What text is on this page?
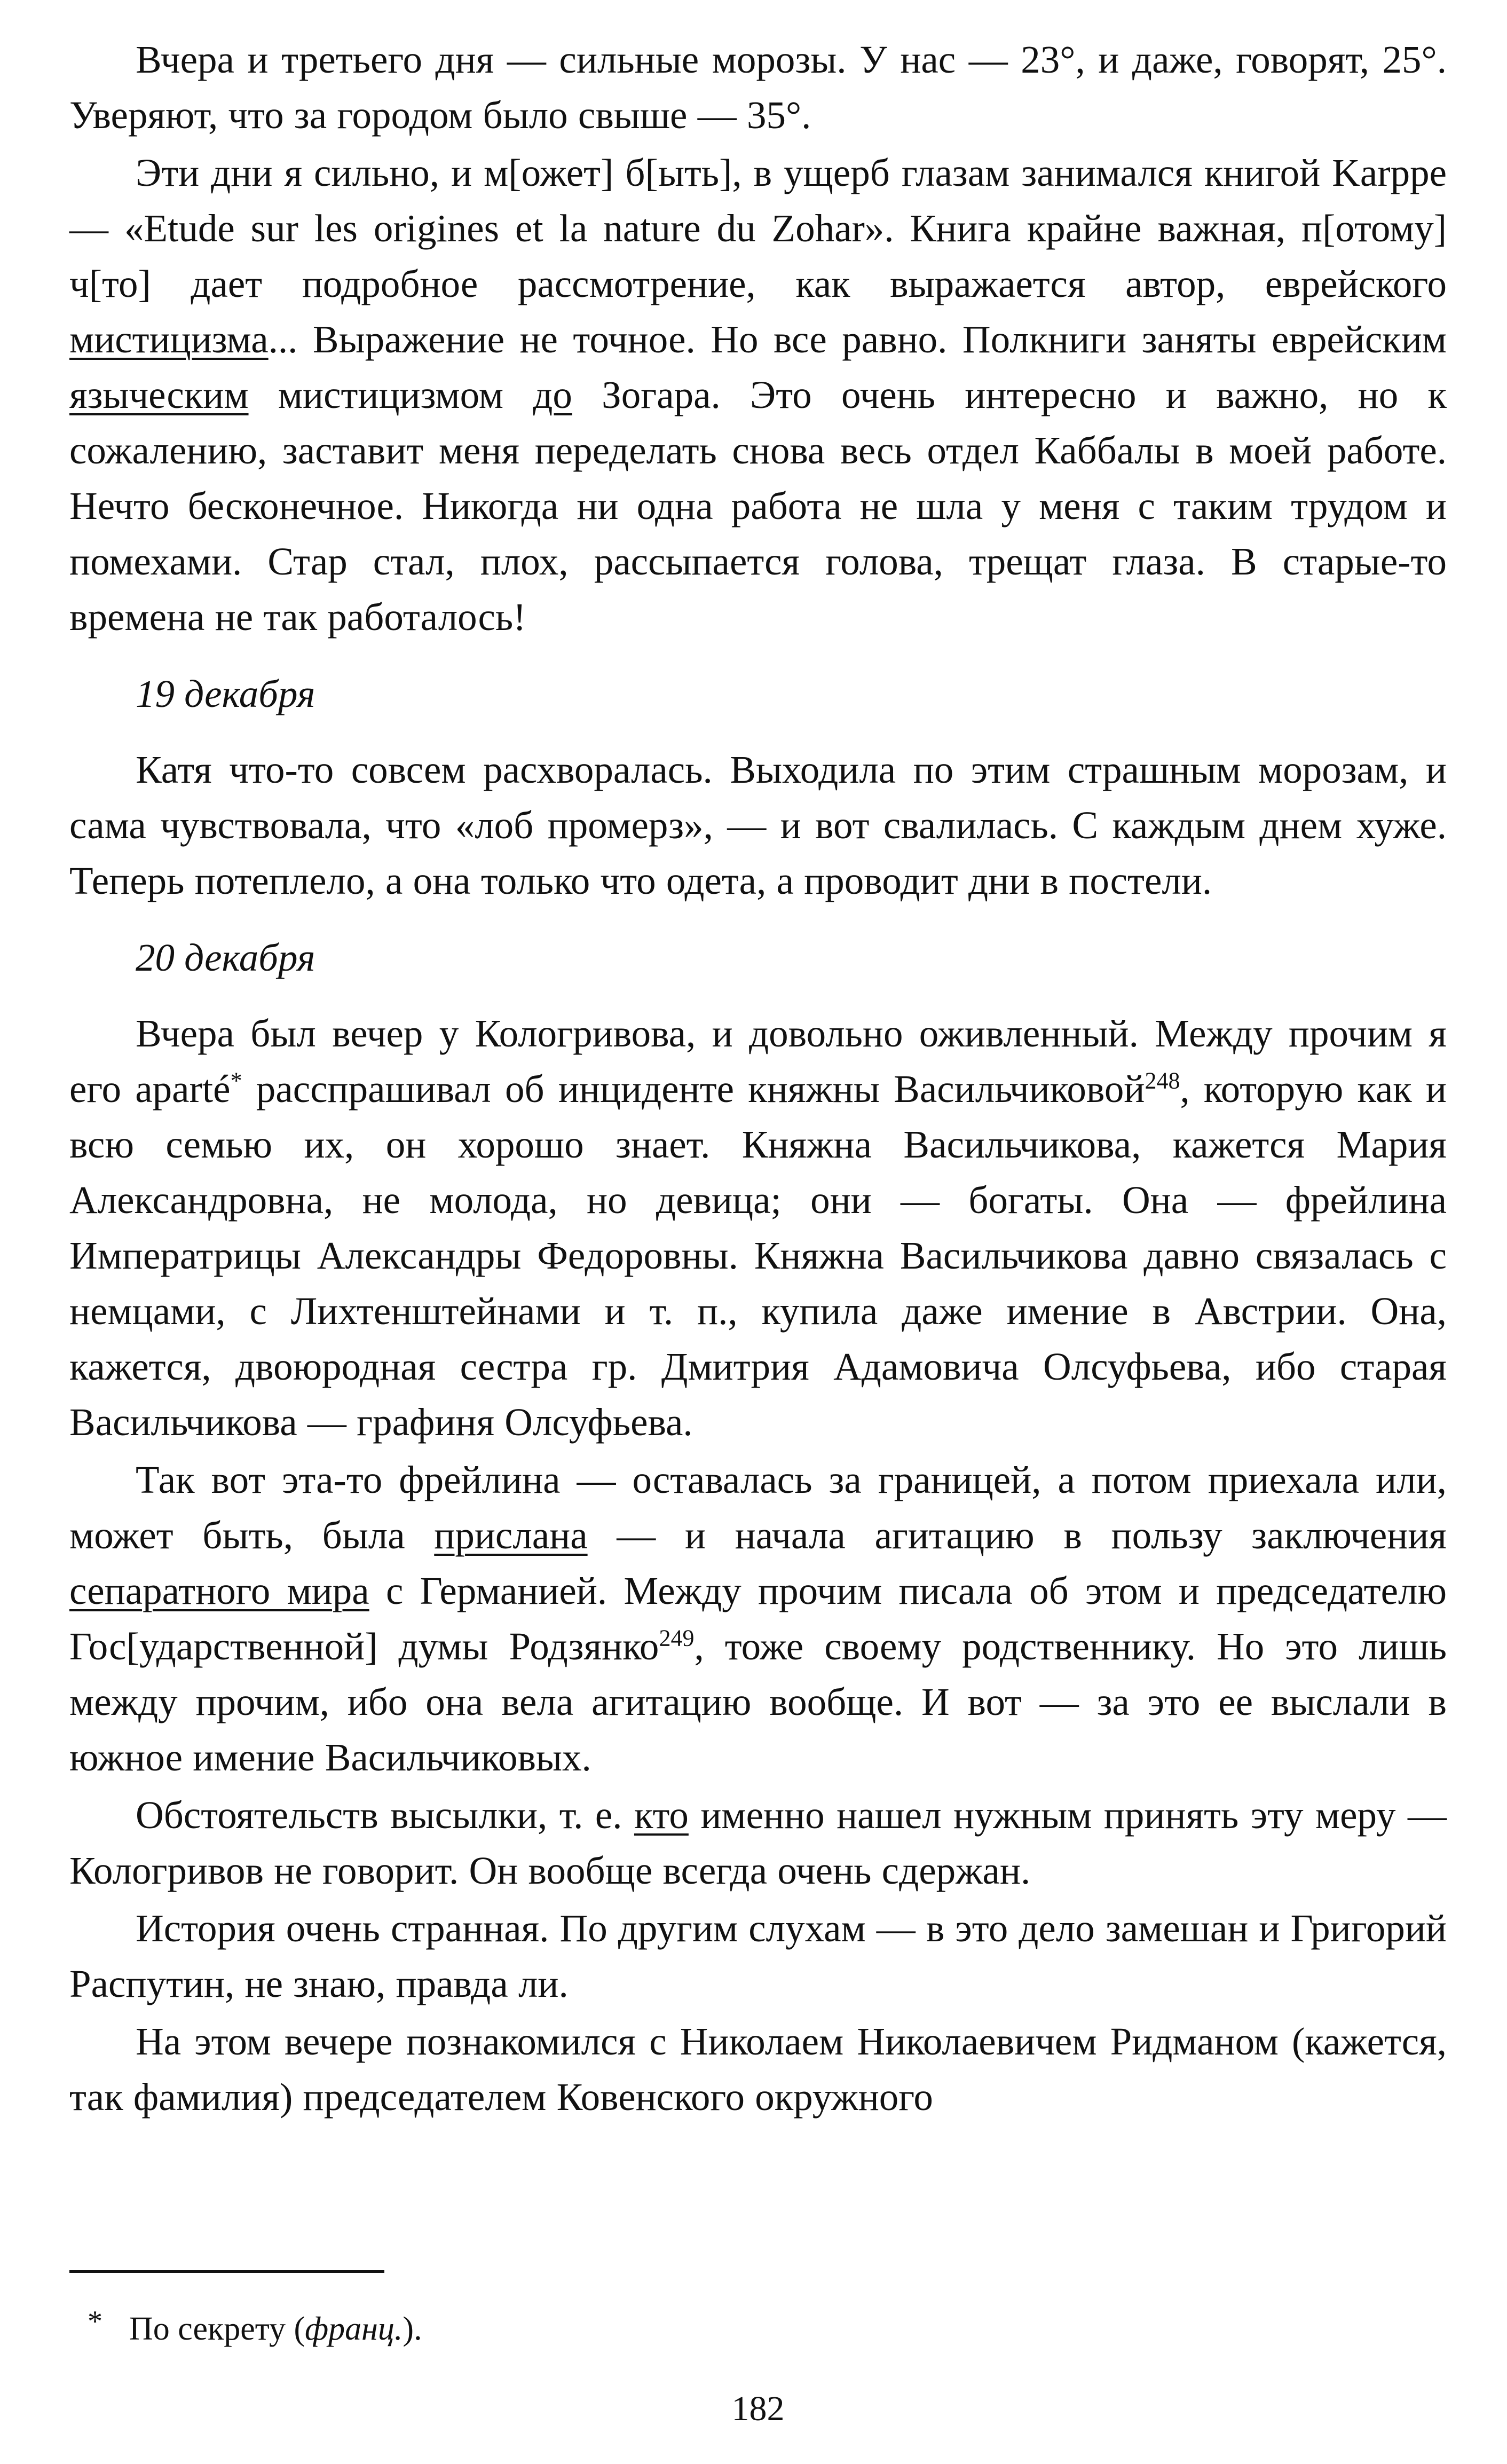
Вчера и третьего дня — сильные морозы. У нас — 23°, и даже, говорят, 25°. Уверяют, что за городом было свыше — 35°.

Эти дни я сильно, и м[ожет] б[ыть], в ущерб глазам занимался книгой Karppe — «Etude sur les origines et la nature du Zohar». Книга крайне важная, п[отому] ч[то] дает подробное рассмотрение, как выражается автор, еврейского мистицизма... Выражение не точное. Но все равно. Полкниги заняты еврейским языческим мистицизмом до Зогара. Это очень интересно и важно, но к сожалению, заставит меня переделать снова весь отдел Каббалы в моей работе. Нечто бесконечное. Никогда ни одна работа не шла у меня с таким трудом и помехами. Стар стал, плох, рассыпается голова, трещат глаза. В старые-то времена не так работалось!

19 декабря

Катя что-то совсем расхворалась. Выходила по этим страшным морозам, и сама чувствовала, что «лоб промерз», — и вот свалилась. С каждым днем хуже. Теперь потеплело, а она только что одета, а проводит дни в постели.

20 декабря

Вчера был вечер у Кологривова, и довольно оживленный. Между прочим я его aparté* расспрашивал об инциденте княжны Васильчиковой$^{248}$, которую как и всю семью их, он хорошо знает. Княжна Васильчикова, кажется Мария Александровна, не молода, но девица; они — богаты. Она — фрейлина Императрицы Александры Федоровны. Княжна Васильчикова давно связалась с немцами, с Лихтенштейнами и т. п., купила даже имение в Австрии. Она, кажется, двоюродная сестра гр. Дмитрия Адамовича Олсуфьева, ибо старая Васильчикова — графиня Олсуфьева.

Так вот эта-то фрейлина — оставалась за границей, а потом приехала или, может быть, была прислана — и начала агитацию в пользу заключения сепаратного мира с Германией. Между прочим писала об этом и председателю Гос[ударственной] думы Родзянко$^{249}$, тоже своему родственнику. Но это лишь между прочим, ибо она вела агитацию вообще. И вот — за это ее выслали в южное имение Васильчиковых.

Обстоятельств высылки, т. е. кто именно нашел нужным принять эту меру — Кологривов не говорит. Он вообще всегда очень сдержан.

История очень странная. По другим слухам — в это дело замешан и Григорий Распутин, не знаю, правда ли.

На этом вечере познакомился с Николаем Николаевичем Ридманом (кажется, так фамилия) председателем Ковенского окружного

* По секрету (франц.).
182
